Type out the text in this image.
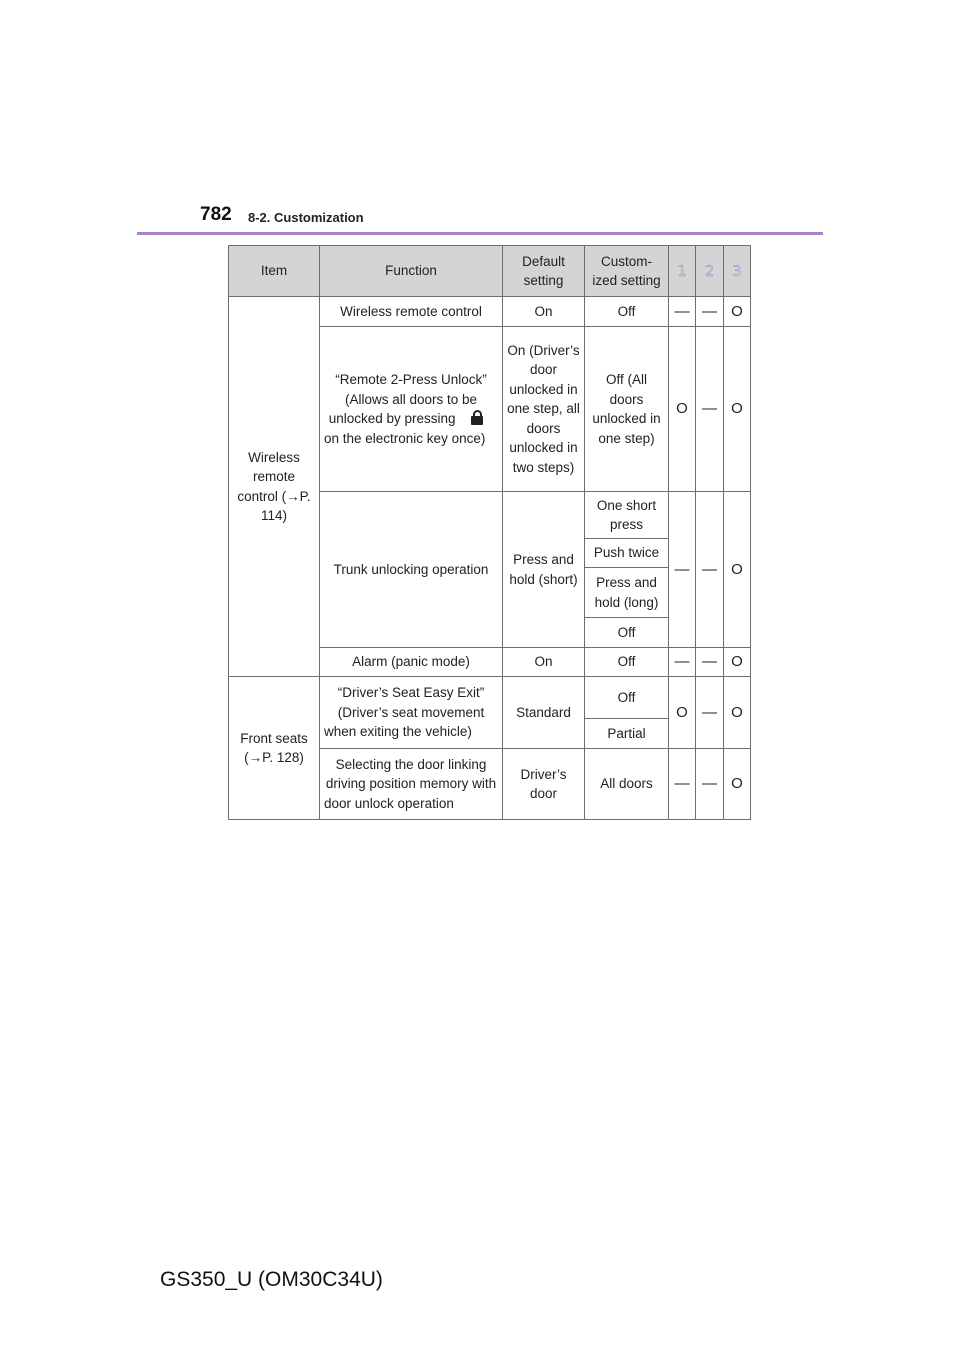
782 8-2. Customization
Item	Function	Default setting	Custom-ized setting	1	2	3
Wireless remote control (→P. 114)	Wireless remote control	On	Off	—	—	O
	“Remote 2-Press Unlock” (Allows all doors to be unlocked by pressing
on the electronic key once)	On (Driver’s door unlocked in one step, all doors unlocked in two steps)	Off (All doors unlocked in one step)	O	—	O
	Trunk unlocking operation	Press and hold (short)	One short press	—	—	O
			Push twice			
			Press and hold (long)			
			Off			
	Alarm (panic mode)	On	Off	—	—	O
Front seats (→P. 128)	“Driver’s Seat Easy Exit” (Driver’s seat movement when exiting the vehicle)	Standard	Off	O	—	O
			Partial			
	Selecting the door linking driving position memory with door unlock operation	Driver’s door	All doors	—	—	O
GS350_U (OM30C34U)
